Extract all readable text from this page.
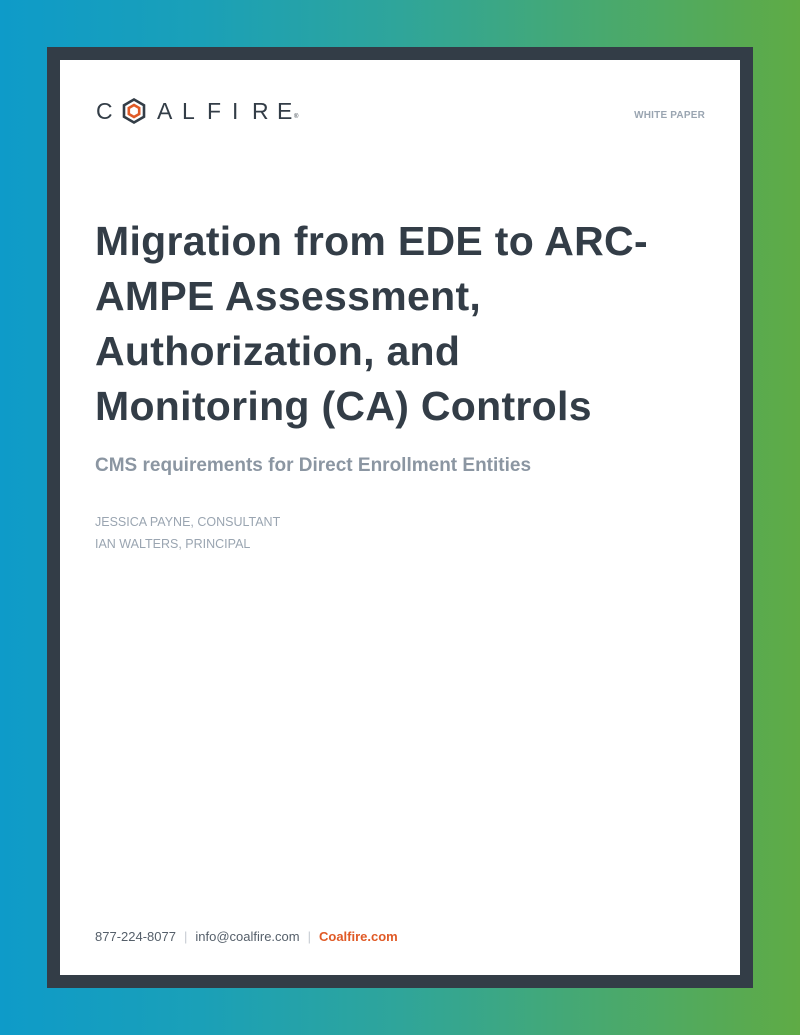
C	A L F I R E ®	WHITE PAPER
Migration from EDE to ARC-
AMPE Assessment,
Authorization, and
Monitoring (CA) Controls
CMS requirements for Direct Enrollment Entities
JESSICA PAYNE, CONSULTANT
IAN WALTERS, PRINCIPAL
877-224-8077 | info@coalfire.com | Coalfire.com
